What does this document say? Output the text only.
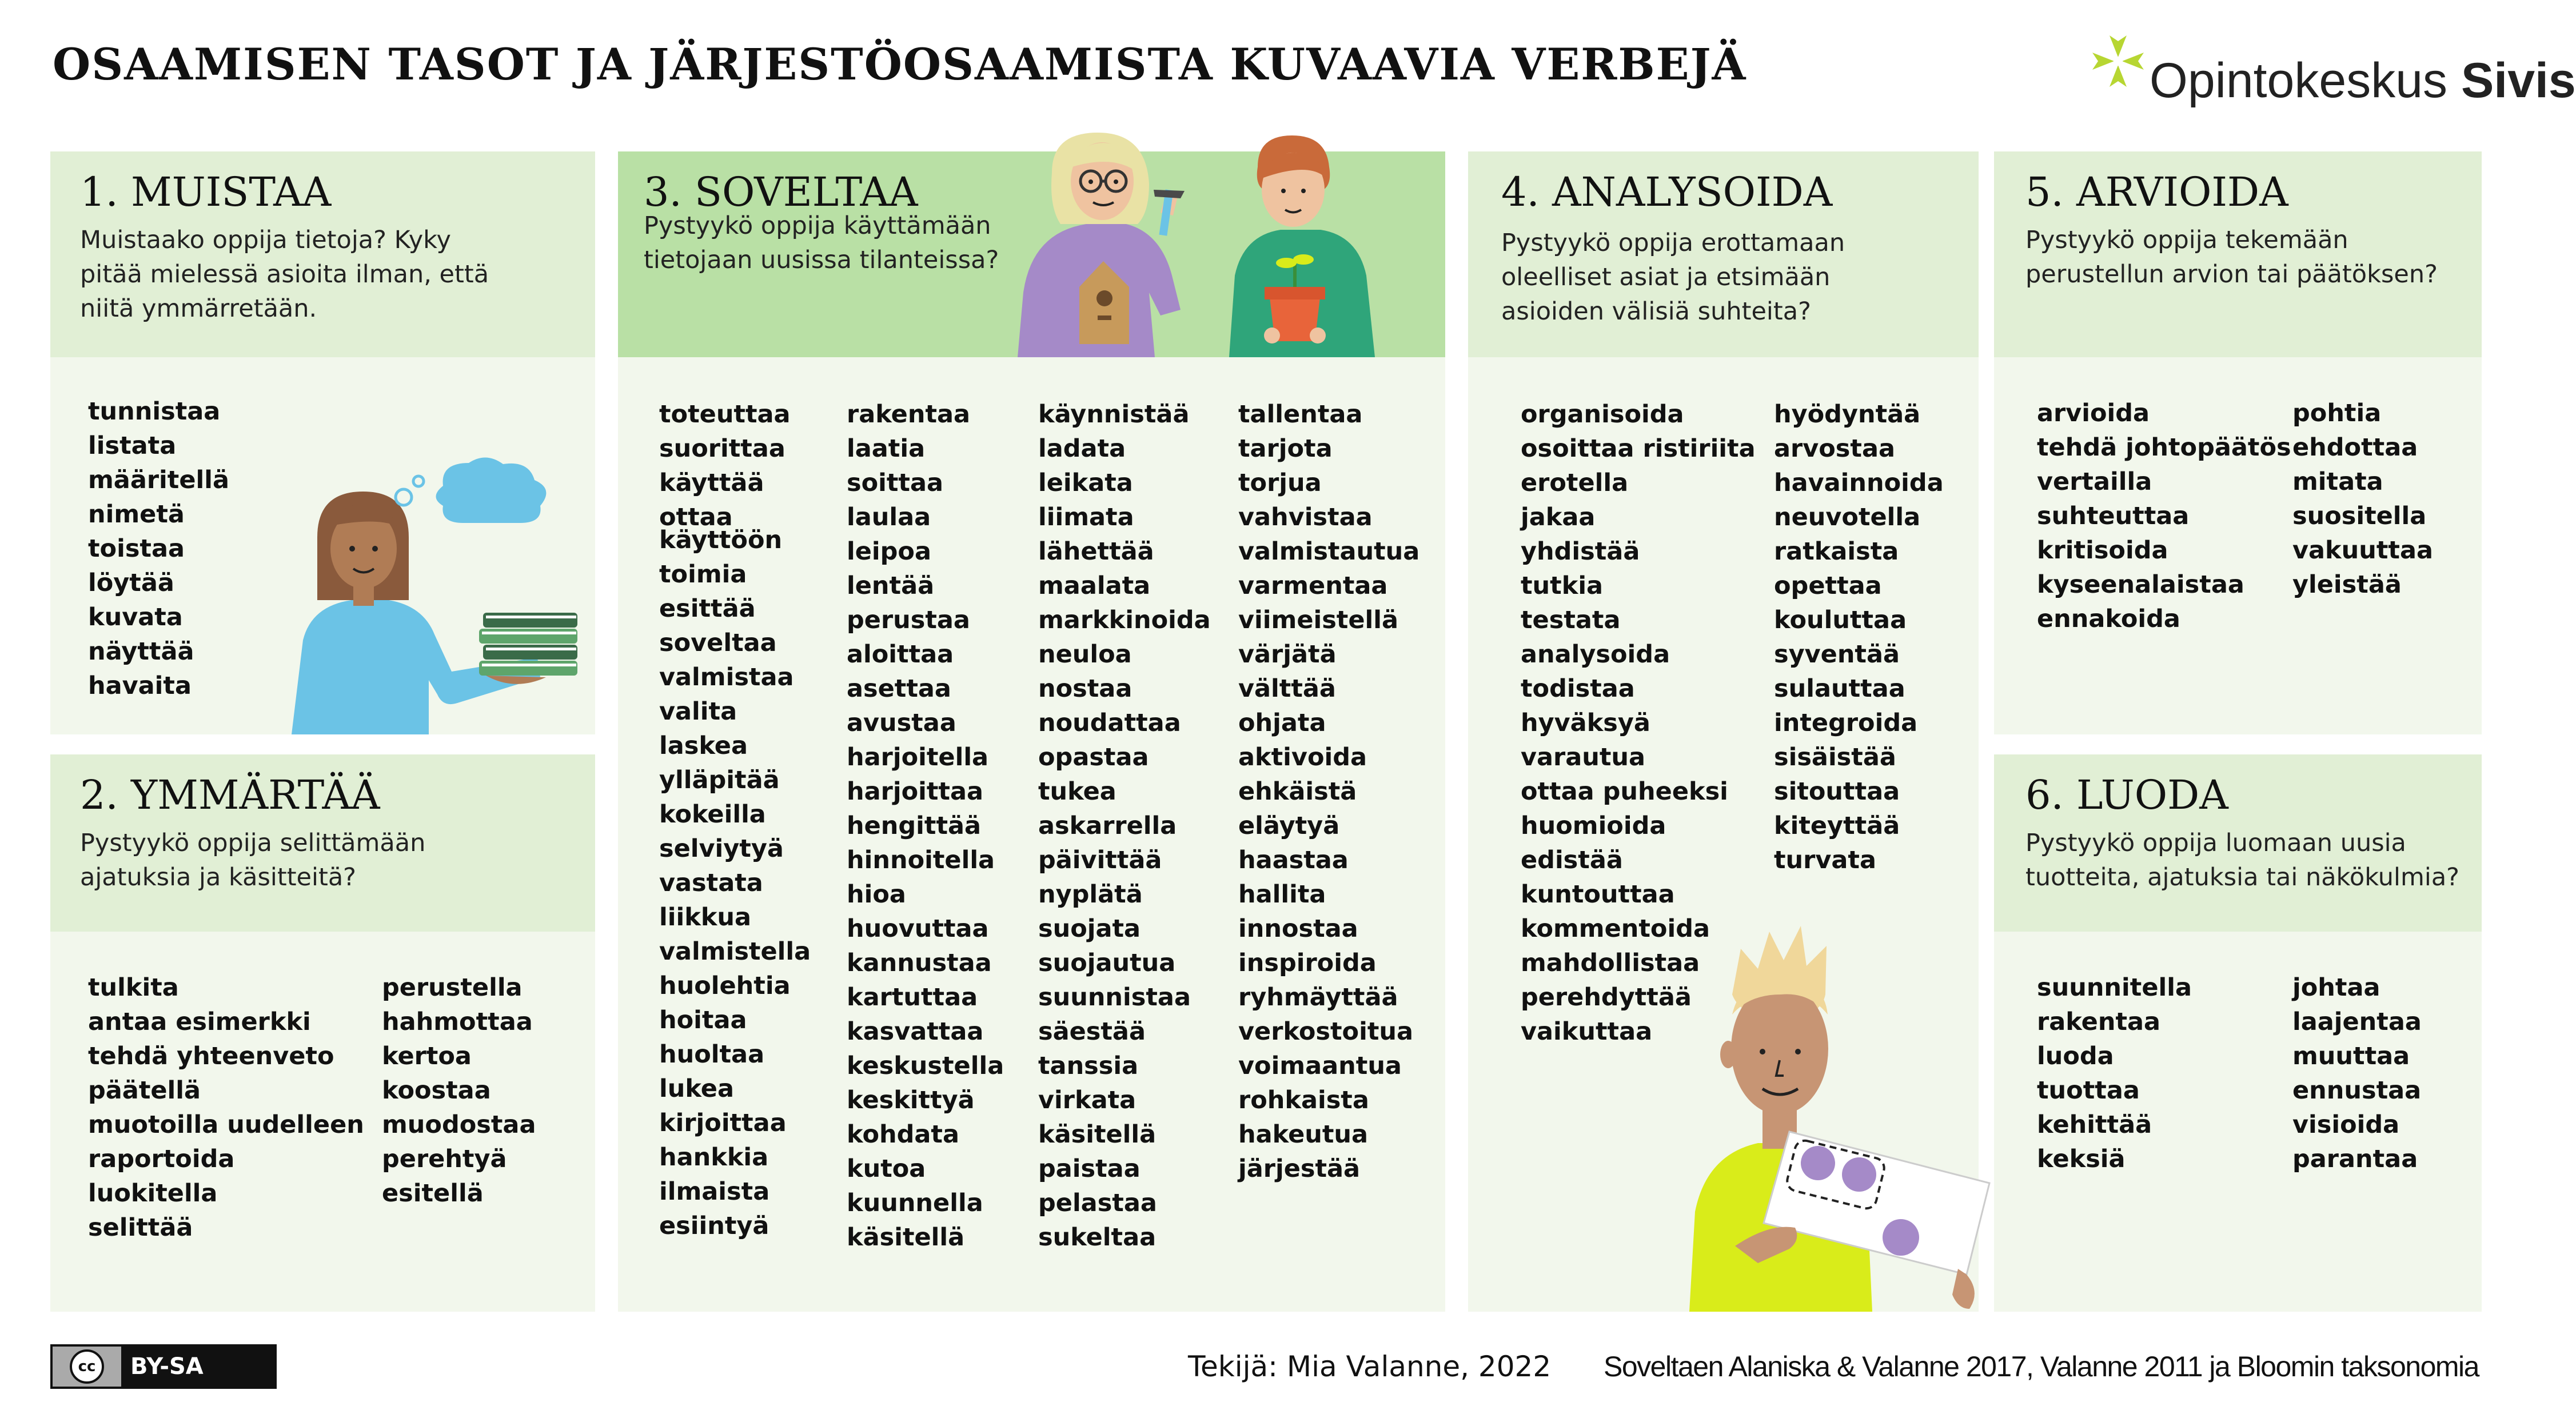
OSAAMISEN TASOT JA JÄRJESTÖOSAAMISTA KUVAAVIA VERBEJÄ	Opintokeskus Sivis
1. MUISTAA
Muistaako oppija tietoja? Kyky
pitää mielessä asioita ilman, että
niitä ymmärretään.
tunnistaa
listata
määritellä
nimetä
toistaa
löytää
kuvata
näyttää
havaita
2. YMMÄRTÄÄ
Pystyykö oppija selittämään
ajatuksia ja käsitteitä?
tulkita
antaa esimerkki
tehdä yhteenveto
päätellä
muotoilla uudelleen
raportoida
luokitella
selittää
perustella
hahmottaa
kertoa
koostaa
muodostaa
perehtyä
esitellä
3. SOVELTAA
Pystyykö oppija käyttämään
tietojaan uusissa tilanteissa?
toteuttaa
suorittaa
käyttää
ottaa
käyttöön
toimia
esittää
soveltaa
valmistaa
valita
laskea
ylläpitää
kokeilla
selviytyä
vastata
liikkua
valmistella
huolehtia
hoitaa
huoltaa
lukea
kirjoittaa
hankkia
ilmaista
esiintyä
rakentaa
laatia
soittaa
laulaa
leipoa
lentää
perustaa
aloittaa
asettaa
avustaa
harjoitella
harjoittaa
hengittää
hinnoitella
hioa
huovuttaa
kannustaa
kartuttaa
kasvattaa
keskustella
keskittyä
kohdata
kutoa
kuunnella
käsitellä
käynnistää
ladata
leikata
liimata
lähettää
maalata
markkinoida
neuloa
nostaa
noudattaa
opastaa
tukea
askarrella
päivittää
nyplätä
suojata
suojautua
suunnistaa
säestää
tanssia
virkata
käsitellä
paistaa
pelastaa
sukeltaa
tallentaa
tarjota
torjua
vahvistaa
valmistautua
varmentaa
viimeistellä
värjätä
välttää
ohjata
aktivoida
ehkäistä
eläytyä
haastaa
hallita
innostaa
inspiroida
ryhmäyttää
verkostoitua
voimaantua
rohkaista
hakeutua
järjestää
4. ANALYSOIDA
Pystyykö oppija erottamaan
oleelliset asiat ja etsimään
asioiden välisiä suhteita?
organisoida
osoittaa ristiriita
erotella
jakaa
yhdistää
tutkia
testata
analysoida
todistaa
hyväksyä
varautua
ottaa puheeksi
huomioida
edistää
kuntouttaa
kommentoida
mahdollistaa
perehdyttää
vaikuttaa
hyödyntää
arvostaa
havainnoida
neuvotella
ratkaista
opettaa
kouluttaa
syventää
sulauttaa
integroida
sisäistää
sitouttaa
kiteyttää
turvata
5. ARVIOIDA
Pystyykö oppija tekemään
perustellun arvion tai päätöksen?
arvioida
tehdä johtopäätös
vertailla
suhteuttaa
kritisoida
kyseenalaistaa
ennakoida
pohtia
ehdottaa
mitata
suositella
vakuuttaa
yleistää
6. LUODA
Pystyykö oppija luomaan uusia
tuotteita, ajatuksia tai näkökulmia?
suunnitella
rakentaa
luoda
tuottaa
kehittää
keksiä
johtaa
laajentaa
muuttaa
ennustaa
visioida
parantaa
cc	BY-SA	Tekijä: Mia Valanne, 2022 Soveltaen Alaniska & Valanne 2017, Valanne 2011 ja Bloomin taksonomia
